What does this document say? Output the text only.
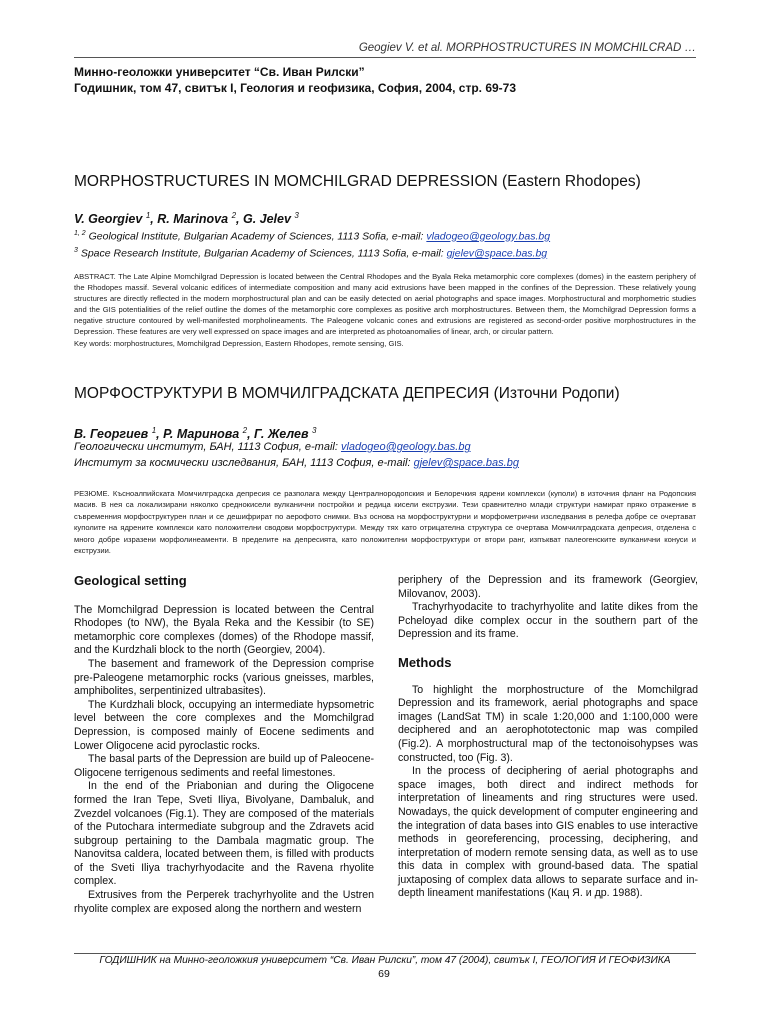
Geogiev V. et al. MORPHOSTRUCTURES IN MOMCHILCRAD …
Минно-геоложки университет “Св. Иван Рилски”
Годишник, том 47, свитък I, Геология и геофизика, София, 2004, стр. 69-73
MORPHOSTRUCTURES IN MOMCHILGRAD DEPRESSION (Eastern Rhodopes)
V. Georgiev $^1$, R. Marinova $^2$, G. Jelev $^3$
$^{1, 2}$ Geological Institute, Bulgarian Academy of Sciences, 1113 Sofia, e-mail: vladogeo@geology.bas.bg
$^3$ Space Research Institute, Bulgarian Academy of Sciences, 1113 Sofia, e-mail: gjelev@space.bas.bg
ABSTRACT. The Late Alpine Momchilgrad Depression is located between the Central Rhodopes and the Byala Reka metamorphic core complexes (domes) in the eastern periphery of the Rhodopes massif. Several volcanic edifices of intermediate composition and many acid extrusions have been mapped in the confines of the Depression. These relatively young structures are directly reflected in the modern morphostructural plan and can be easily detected on aerial photographs and space images. Morphostructural and morphometric studies and the GIS potentialities of the relief outline the domes of the metamorphic core complexes as positive arch morphostructures. Between them, the Momchilgrad Depression forms a negative structure contoured by well-manifested morpholineaments. The Paleogene volcanic cones and extrusions are registered as second-order positive morphostructures in the Depression. These features are very well expressed on space images and are interpreted as photoanomalies of linear, arch, or circular pattern.
Key words: morphostructures, Momchilgrad Depression, Eastern Rhodopes, remote sensing, GIS.
МОРФОСТРУКТУРИ В МОМЧИЛГРАДСКАТА ДЕПРЕСИЯ (Източни Родопи)
В. Георгиев $^1$, Р. Маринова $^2$, Г. Желев $^3$
Геологически институт, БАН, 1113 София, e-mail: vladogeo@geology.bas.bg
Институт за космически изследвания, БАН, 1113 София, e-mail: gjelev@space.bas.bg
РЕЗЮМЕ. Късноалпийската Момчилградска депресия се разполага между Централнородопския и Белоречкия ядрени комплекси (куполи) в източния фланг на Родопския масив. В нея са локализирани няколко среднокисели вулканични постройки и редица кисели екструзии. Тези сравнително млади структури намират пряко отражение в съвременния морфоструктурен план и се дешифрират по аерофото снимки. Въз основа на морфоструктурни и морфометрични изследвания в релефа добре се очертават куполите на ядрените комплекси като положителни сводови морфоструктури. Между тях като отрицателна структура се очертава Момчилградската депресия, отделена с много добре изразени морфолинеаменти. В пределите на депресията, като положителни морфоструктури от втори ранг, изпъкват палеогенските вулканични конуси и екструзии.
Geological setting

The Momchilgrad Depression is located between the Central Rhodopes (to NW), the Byala Reka and the Kessibir (to SE) metamorphic core complexes (domes) of the Rhodope massif, and the Kurdzhali block to the north (Georgiev, 2004).

The basement and framework of the Depression comprise pre-Paleogene metamorphic rocks (various gneisses, marbles, amphibolites, serpentinized ultrabasites).

The Kurdzhali block, occupying an intermediate hypsometric level between the core complexes and the Momchilgrad Depression, is composed mainly of Eocene sediments and Lower Oligocene acid pyroclastic rocks.

The basal parts of the Depression are build up of Paleocene-Oligocene terrigenous sediments and reefal limestones.

In the end of the Priabonian and during the Oligocene formed the Iran Tepe, Sveti Iliya, Bivolyane, Dambaluk, and Zvezdel volcanoes (Fig.1). They are composed of the materials of the Putochara intermediate subgroup and the Zdravets acid subgroup pertaining to the Dambala magmatic group. The Nanovitsa caldera, located between them, is filled with products of the Sveti Iliya trachyrhyodacite and the Ravena rhyolite complex.

Extrusives from the Perperek trachyrhyolite and the Ustren rhyolite complex are exposed along the northern and western

periphery of the Depression and its framework (Georgiev, Milovanov, 2003).

Trachyrhyodacite to trachyrhyolite and latite dikes from the Pcheloyad dike complex occur in the southern part of the Depression and its frame.

Methods

To highlight the morphostructure of the Momchilgrad Depression and its framework, aerial photographs and space images (LandSat TM) in scale 1:20,000 and 1:100,000 were deciphered and an aerophototectonic map was compiled (Fig.2). A morphostructural map of the tectonoisohypses was constructed, too (Fig. 3).

In the process of deciphering of aerial photographs and space images, both direct and indirect methods for interpretation of lineaments and ring structures were used. Nowadays, the quick development of computer engineering and the integration of data bases into GIS enables to use interactive methods in georeferencing, processing, deciphering, and interpretation of modern remote sensing data, as well as to use this data in complex with ground-based data. The spatial juxtaposing of complex data allows to separate surface and in-depth lineament manifestations (Кац Я. и др. 1988).

ГОДИШНИК на Минно-геоложкия университет “Св. Иван Рилски”, том 47 (2004), свитък I, ГЕОЛОГИЯ И ГЕОФИЗИКА
69
